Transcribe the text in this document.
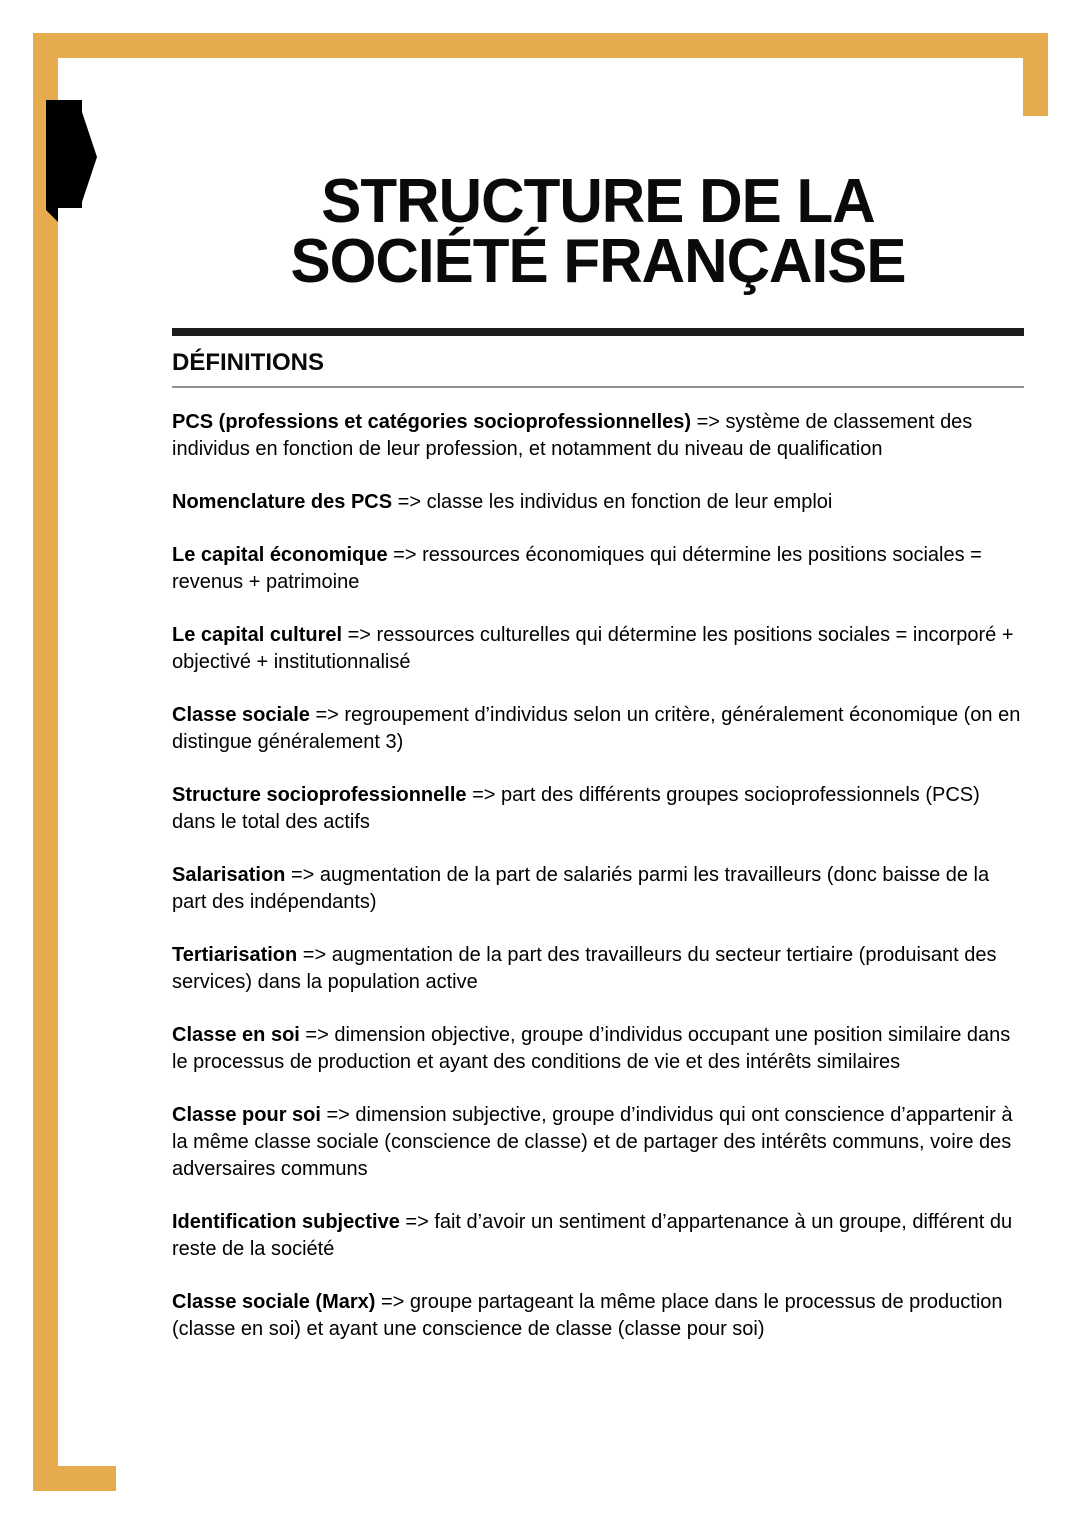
STRUCTURE DE LA
SOCIÉTÉ FRANÇAISE
DÉFINITIONS

PCS (professions et catégories socioprofessionnelles) => système de classement des individus en fonction de leur profession, et notamment du niveau de qualification

Nomenclature des PCS => classe les individus en fonction de leur emploi

Le capital économique => ressources économiques qui détermine les positions sociales = revenus + patrimoine

Le capital culturel => ressources culturelles qui détermine les positions sociales = incorporé + objectivé + institutionnalisé

Classe sociale => regroupement d’individus selon un critère, généralement économique (on en distingue généralement 3)

Structure socioprofessionnelle => part des différents groupes socioprofessionnels (PCS) dans le total des actifs

Salarisation => augmentation de la part de salariés parmi les travailleurs (donc baisse de la part des indépendants)

Tertiarisation => augmentation de la part des travailleurs du secteur tertiaire (produisant des services) dans la population active

Classe en soi => dimension objective, groupe d’individus occupant une position similaire dans le processus de production et ayant des conditions de vie et des intérêts similaires

Classe pour soi => dimension subjective, groupe d’individus qui ont conscience d’appartenir à la même classe sociale (conscience de classe) et de partager des intérêts communs, voire des adversaires communs

Identification subjective => fait d’avoir un sentiment d’appartenance à un groupe, différent du reste de la société

Classe sociale (Marx) => groupe partageant la même place dans le processus de production (classe en soi) et ayant une conscience de classe (classe pour soi)
